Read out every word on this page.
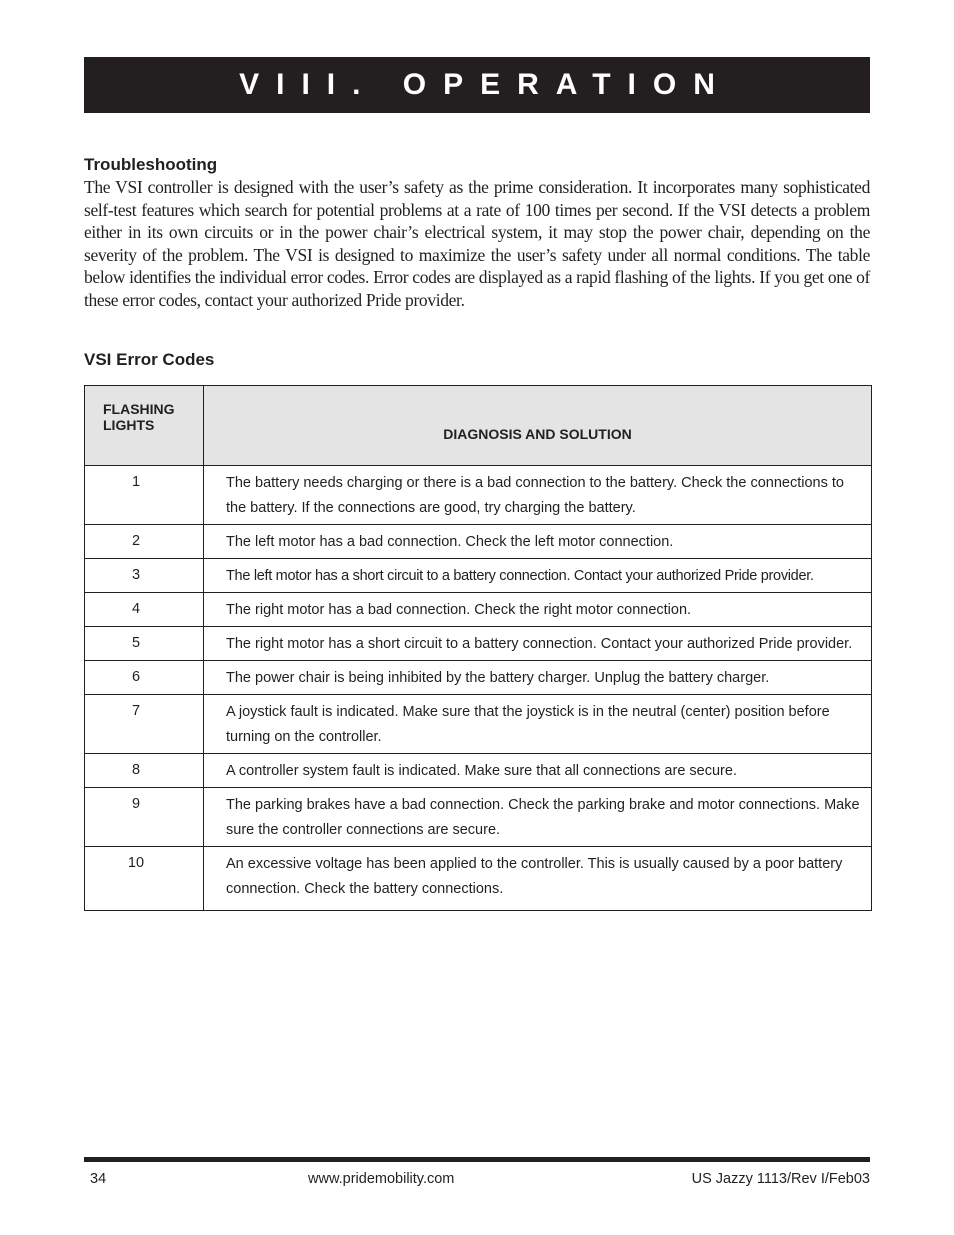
VIII. OPERATION
Troubleshooting

The VSI controller is designed with the user’s safety as the prime consideration. It incorporates many sophisticated self-test features which search for potential problems at a rate of 100 times per second. If the VSI detects a problem either in its own circuits or in the power chair’s electrical system, it may stop the power chair, depending on the severity of the problem. The VSI is designed to maximize the user’s safety under all normal conditions. The table below identifies the individual error codes. Error codes are displayed as a rapid flashing of the lights. If you get one of these error codes, contact your authorized Pride provider.

VSI Error Codes
FLASHING
LIGHTS	DIAGNOSIS AND SOLUTION
1	The battery needs charging or there is a bad connection to the battery. Check the connections to the battery. If the connections are good, try charging the battery.
2	The left motor has a bad connection. Check the left motor connection.
3	The left motor has a short circuit to a battery connection. Contact your authorized Pride provider.
4	The right motor has a bad connection. Check the right motor connection.
5	The right motor has a short circuit to a battery connection. Contact your authorized Pride provider.
6	The power chair is being inhibited by the battery charger. Unplug the battery charger.
7	A joystick fault is indicated. Make sure that the joystick is in the neutral (center) position before turning on the controller.
8	A controller system fault is indicated. Make sure that all connections are secure.
9	The parking brakes have a bad connection. Check the parking brake and motor connections. Make sure the controller connections are secure.
10	An excessive voltage has been applied to the controller. This is usually caused by a poor battery connection. Check the battery connections.
34	www.pridemobility.com	US Jazzy 1113/Rev I/Feb03
